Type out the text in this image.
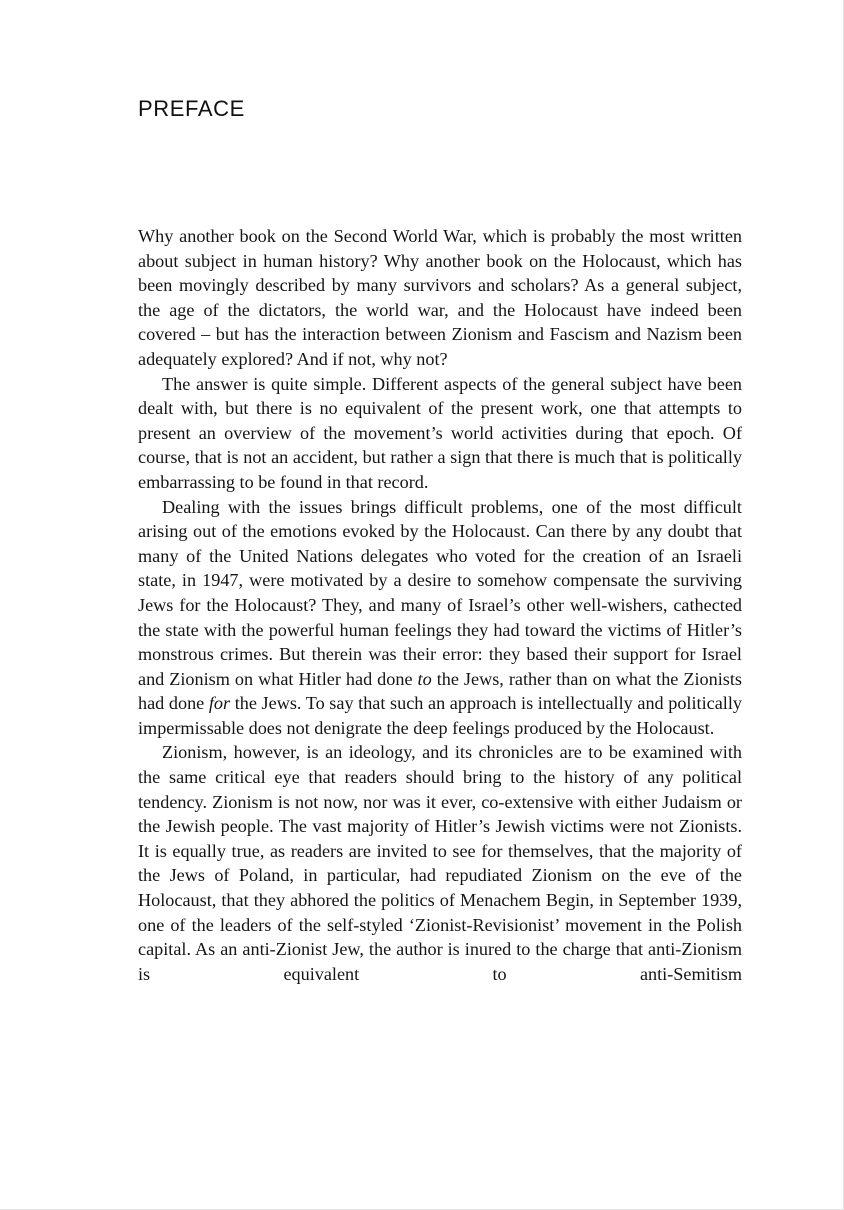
PREFACE

Why another book on the Second World War, which is probably the most written about subject in human history? Why another book on the Holocaust, which has been movingly described by many survivors and scholars? As a general subject, the age of the dictators, the world war, and the Holocaust have indeed been covered – but has the interaction between Zionism and Fascism and Nazism been adequately explored? And if not, why not?

The answer is quite simple. Different aspects of the general subject have been dealt with, but there is no equivalent of the present work, one that attempts to present an overview of the movement’s world activities during that epoch. Of course, that is not an accident, but rather a sign that there is much that is politically embarrassing to be found in that record.

Dealing with the issues brings difficult problems, one of the most difficult arising out of the emotions evoked by the Holocaust. Can there by any doubt that many of the United Nations delegates who voted for the creation of an Israeli state, in 1947, were motivated by a desire to somehow compensate the surviving Jews for the Holocaust? They, and many of Israel’s other well-wishers, cathected the state with the powerful human feelings they had toward the victims of Hitler’s monstrous crimes. But therein was their error: they based their support for Israel and Zionism on what Hitler had done to the Jews, rather than on what the Zionists had done for the Jews. To say that such an approach is intellectually and politically impermissable does not denigrate the deep feelings produced by the Holocaust.

Zionism, however, is an ideology, and its chronicles are to be examined with the same critical eye that readers should bring to the history of any political tendency. Zionism is not now, nor was it ever, co-extensive with either Judaism or the Jewish people. The vast majority of Hitler’s Jewish victims were not Zionists. It is equally true, as readers are invited to see for themselves, that the majority of the Jews of Poland, in particular, had repudiated Zionism on the eve of the Holocaust, that they abhored the politics of Menachem Begin, in September 1939, one of the leaders of the self-styled ‘Zionist-Revisionist’ movement in the Polish capital. As an anti-Zionist Jew, the author is inured to the charge that anti-Zionism is equivalent to anti-Semitism
